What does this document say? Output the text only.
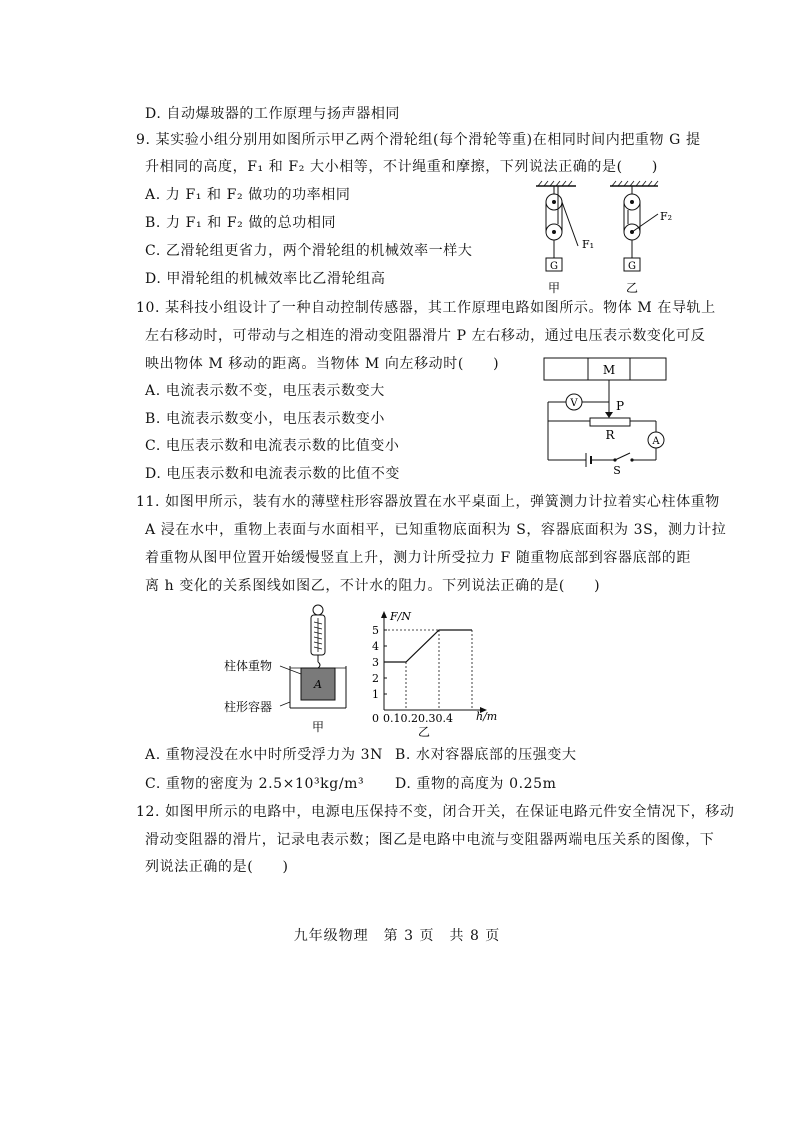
D. 自动爆玻器的工作原理与扬声器相同
9. 某实验小组分别用如图所示甲乙两个滑轮组(每个滑轮等重)在相同时间内把重物 G 提
升相同的高度，F₁ 和 F₂ 大小相等，不计绳重和摩擦，下列说法正确的是(　　)
A. 力 F₁ 和 F₂ 做功的功率相同
B. 力 F₁ 和 F₂ 做的总功相同
C. 乙滑轮组更省力，两个滑轮组的机械效率一样大
D. 甲滑轮组的机械效率比乙滑轮组高
G
F₁
甲
G
F₂
乙
10. 某科技小组设计了一种自动控制传感器，其工作原理电路如图所示。物体 M 在导轨上
左右移动时，可带动与之相连的滑动变阻器滑片 P 左右移动，通过电压表示数变化可反
映出物体 M 移动的距离。当物体 M 向左移动时(　　)
A. 电流表示数不变，电压表示数变大
B. 电流表示数变小，电压表示数变小
C. 电压表示数和电流表示数的比值变小
D. 电压表示数和电流表示数的比值不变
M
P
V
R	A
S
11. 如图甲所示，装有水的薄壁柱形容器放置在水平桌面上，弹簧测力计拉着实心柱体重物
A 浸在水中，重物上表面与水面相平，已知重物底面积为 S，容器底面积为 3S，测力计拉
着重物从图甲位置开始缓慢竖直上升，测力计所受拉力 F 随重物底部到容器底部的距
离 h 变化的关系图线如图乙，不计水的阻力。下列说法正确的是(　　)
A
柱体重物
柱形容器
甲
F/N
h/m
0 0.10.20.30.4
1
2
3
4
5
乙
A. 重物浸没在水中时所受浮力为 3N B. 水对容器底部的压强变大
C. 重物的密度为 2.5×10³kg/m³ D. 重物的高度为 0.25m
12. 如图甲所示的电路中，电源电压保持不变，闭合开关，在保证电路元件安全情况下，移动
滑动变阻器的滑片，记录电表示数；图乙是电路中电流与变阻器两端电压关系的图像，下
列说法正确的是(　　)
九年级物理　第 3 页　共 8 页
